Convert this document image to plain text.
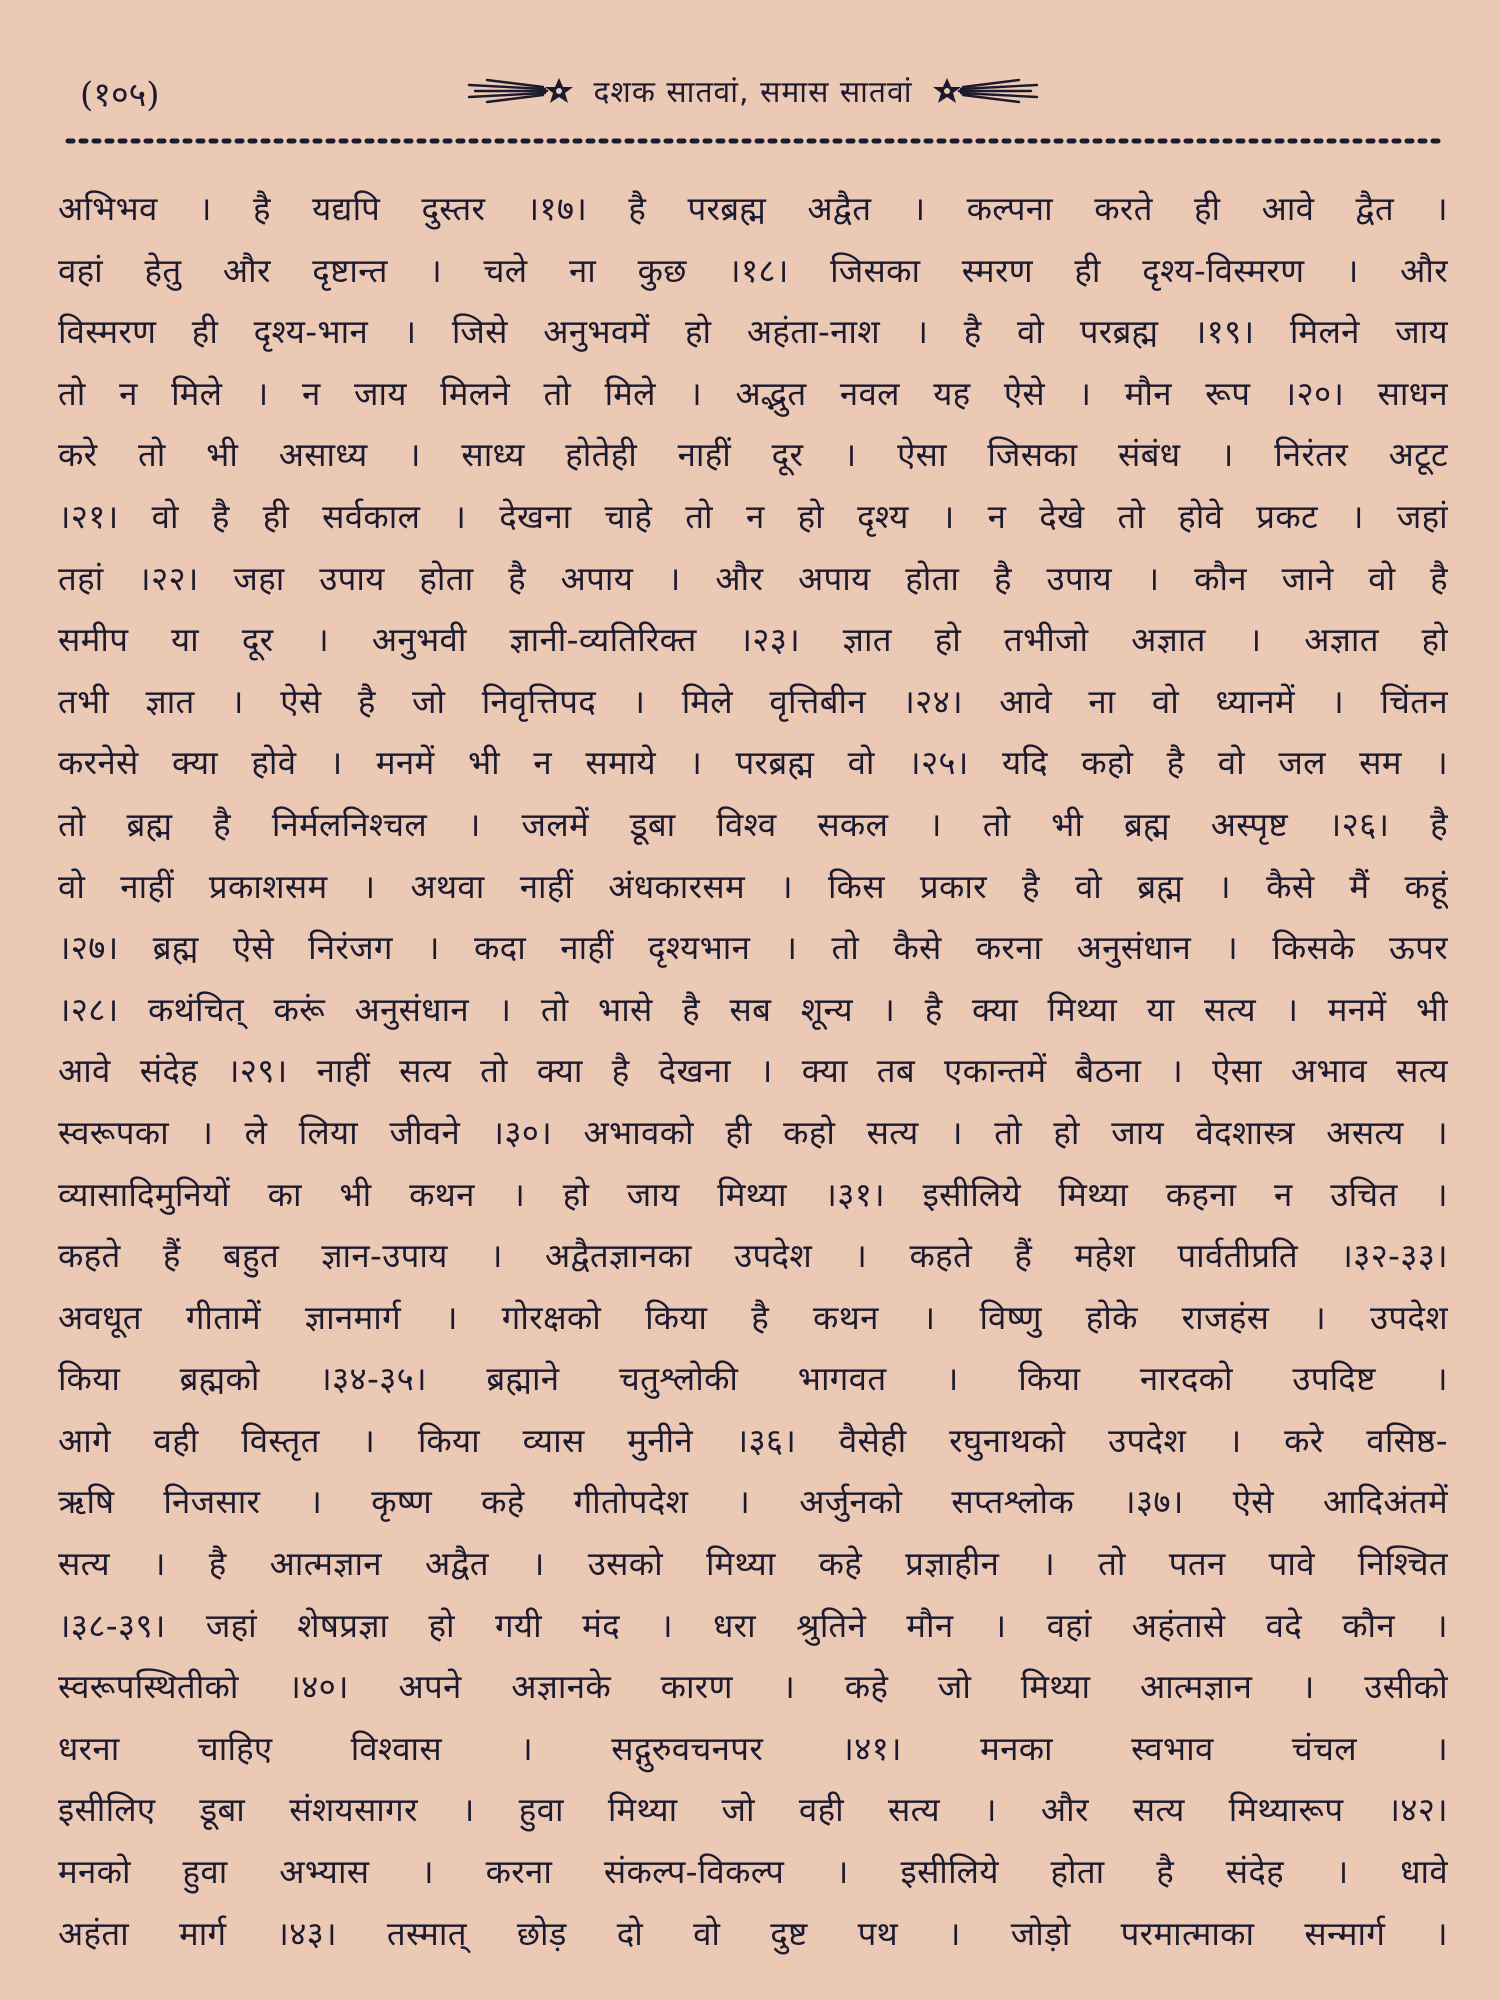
(१०५)	दशक सातवां, समास सातवां
अभिभव । है यद्यपि दुस्तर ।१७। है परब्रह्म अद्वैत । कल्पना करते ही आवे द्वैत ।
वहां हेतु और दृष्टान्त । चले ना कुछ ।१८। जिसका स्मरण ही दृश्य-विस्मरण । और
विस्मरण ही दृश्य-भान । जिसे अनुभवमें हो अहंता-नाश । है वो परब्रह्म ।१९। मिलने जाय
तो न मिले । न जाय मिलने तो मिले । अद्भुत नवल यह ऐसे । मौन रूप ।२०। साधन
करे तो भी असाध्य । साध्य होतेही नाहीं दूर । ऐसा जिसका संबंध । निरंतर अटूट
।२१। वो है ही सर्वकाल । देखना चाहे तो न हो दृश्य । न देखे तो होवे प्रकट । जहां
तहां ।२२। जहा उपाय होता है अपाय । और अपाय होता है उपाय । कौन जाने वो है
समीप या दूर । अनुभवी ज्ञानी-व्यतिरिक्त ।२३। ज्ञात हो तभीजो अज्ञात । अज्ञात हो
तभी ज्ञात । ऐसे है जो निवृत्तिपद । मिले वृत्तिबीन ।२४। आवे ना वो ध्यानमें । चिंतन
करनेसे क्या होवे । मनमें भी न समाये । परब्रह्म वो ।२५। यदि कहो है वो जल सम ।
तो ब्रह्म है निर्मलनिश्चल । जलमें डूबा विश्व सकल । तो भी ब्रह्म अस्पृष्ट ।२६। है
वो नाहीं प्रकाशसम । अथवा नाहीं अंधकारसम । किस प्रकार है वो ब्रह्म । कैसे मैं कहूं
।२७। ब्रह्म ऐसे निरंजग । कदा नाहीं दृश्यभान । तो कैसे करना अनुसंधान । किसके ऊपर
।२८। कथंचित् करूं अनुसंधान । तो भासे है सब शून्य । है क्या मिथ्या या सत्य । मनमें भी
आवे संदेह ।२९। नाहीं सत्य तो क्या है देखना । क्या तब एकान्तमें बैठना । ऐसा अभाव सत्य
स्वरूपका । ले लिया जीवने ।३०। अभावको ही कहो सत्य । तो हो जाय वेदशास्त्र असत्य ।
व्यासादिमुनियों का भी कथन । हो जाय मिथ्या ।३१। इसीलिये मिथ्या कहना न उचित ।
कहते हैं बहुत ज्ञान-उपाय । अद्वैतज्ञानका उपदेश । कहते हैं महेश पार्वतीप्रति ।३२-३३।
अवधूत गीतामें ज्ञानमार्ग । गोरक्षको किया है कथन । विष्णु होके राजहंस । उपदेश
किया ब्रह्मको ।३४-३५। ब्रह्माने चतुश्लोकी भागवत । किया नारदको उपदिष्ट ।
आगे वही विस्तृत । किया व्यास मुनीने ।३६। वैसेही रघुनाथको उपदेश । करे वसिष्ठ-
ऋषि निजसार । कृष्ण कहे गीतोपदेश । अर्जुनको सप्तश्लोक ।३७। ऐसे आदिअंतमें
सत्य । है आत्मज्ञान अद्वैत । उसको मिथ्या कहे प्रज्ञाहीन । तो पतन पावे निश्चित
।३८-३९। जहां शेषप्रज्ञा हो गयी मंद । धरा श्रुतिने मौन । वहां अहंतासे वदे कौन ।
स्वरूपस्थितीको ।४०। अपने अज्ञानके कारण । कहे जो मिथ्या आत्मज्ञान । उसीको
धरना चाहिए विश्वास । सद्गुरुवचनपर ।४१। मनका स्वभाव चंचल ।
इसीलिए डूबा संशयसागर । हुवा मिथ्या जो वही सत्य । और सत्य मिथ्यारूप ।४२।
मनको हुवा अभ्यास । करना संकल्प-विकल्प । इसीलिये होता है संदेह । धावे
अहंता मार्ग ।४३। तस्मात् छोड़ दो वो दुष्ट पथ । जोड़ो परमात्माका सन्मार्ग ।
